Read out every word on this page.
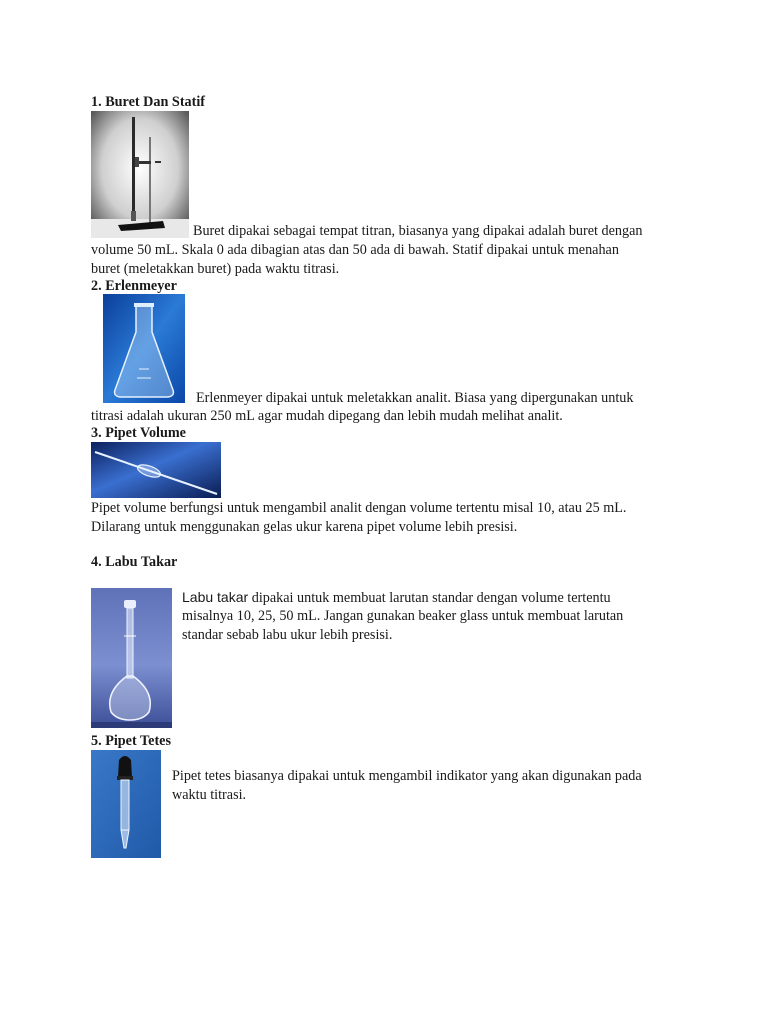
1. Buret Dan Statif
Buret dipakai sebagai tempat titran, biasanya yang dipakai adalah buret dengan
volume 50 mL. Skala 0 ada dibagian atas dan 50 ada di bawah. Statif dipakai untuk menahan
buret (meletakkan buret) pada waktu titrasi.
2. Erlenmeyer
Erlenmeyer dipakai untuk meletakkan analit. Biasa yang dipergunakan untuk
titrasi adalah ukuran 250 mL agar mudah dipegang dan lebih mudah melihat analit.
3. Pipet Volume
Pipet volume berfungsi untuk mengambil analit dengan volume tertentu misal 10, atau 25 mL.
Dilarang untuk menggunakan gelas ukur karena pipet volume lebih presisi.
4. Labu Takar
Labu takar dipakai untuk membuat larutan standar dengan volume tertentu
misalnya 10, 25, 50 mL. Jangan gunakan beaker glass untuk membuat larutan
standar sebab labu ukur lebih presisi.
5. Pipet Tetes
Pipet tetes biasanya dipakai untuk mengambil indikator yang akan digunakan pada
waktu titrasi.
